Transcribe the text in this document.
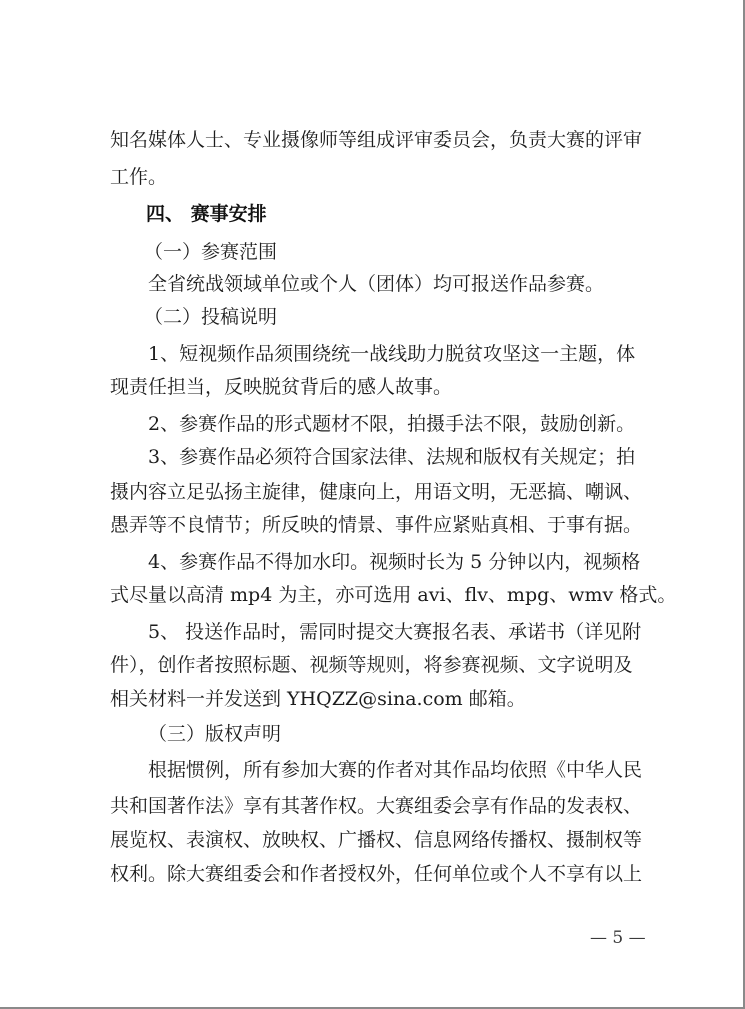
知名媒体人士、专业摄像师等组成评审委员会，负责大赛的评审
工作。
四、 赛事安排
（一）参赛范围
全省统战领域单位或个人（团体）均可报送作品参赛。
（二）投稿说明
1、短视频作品须围绕统一战线助力脱贫攻坚这一主题，体
现责任担当，反映脱贫背后的感人故事。
2、参赛作品的形式题材不限，拍摄手法不限，鼓励创新。
3、参赛作品必须符合国家法律、法规和版权有关规定；拍
摄内容立足弘扬主旋律，健康向上，用语文明，无恶搞、嘲讽、
愚弄等不良情节；所反映的情景、事件应紧贴真相、于事有据。
4、参赛作品不得加水印。视频时长为 5 分钟以内，视频格
式尽量以高清 mp4 为主，亦可选用 avi、flv、mpg、wmv 格式。
5、 投送作品时，需同时提交大赛报名表、承诺书（详见附
件），创作者按照标题、视频等规则，将参赛视频、文字说明及
相关材料一并发送到 YHQZZ@sina.com 邮箱。
（三）版权声明
根据惯例，所有参加大赛的作者对其作品均依照《中华人民
共和国著作法》享有其著作权。大赛组委会享有作品的发表权、
展览权、表演权、放映权、广播权、信息网络传播权、摄制权等
权利。除大赛组委会和作者授权外，任何单位或个人不享有以上
— 5 —
